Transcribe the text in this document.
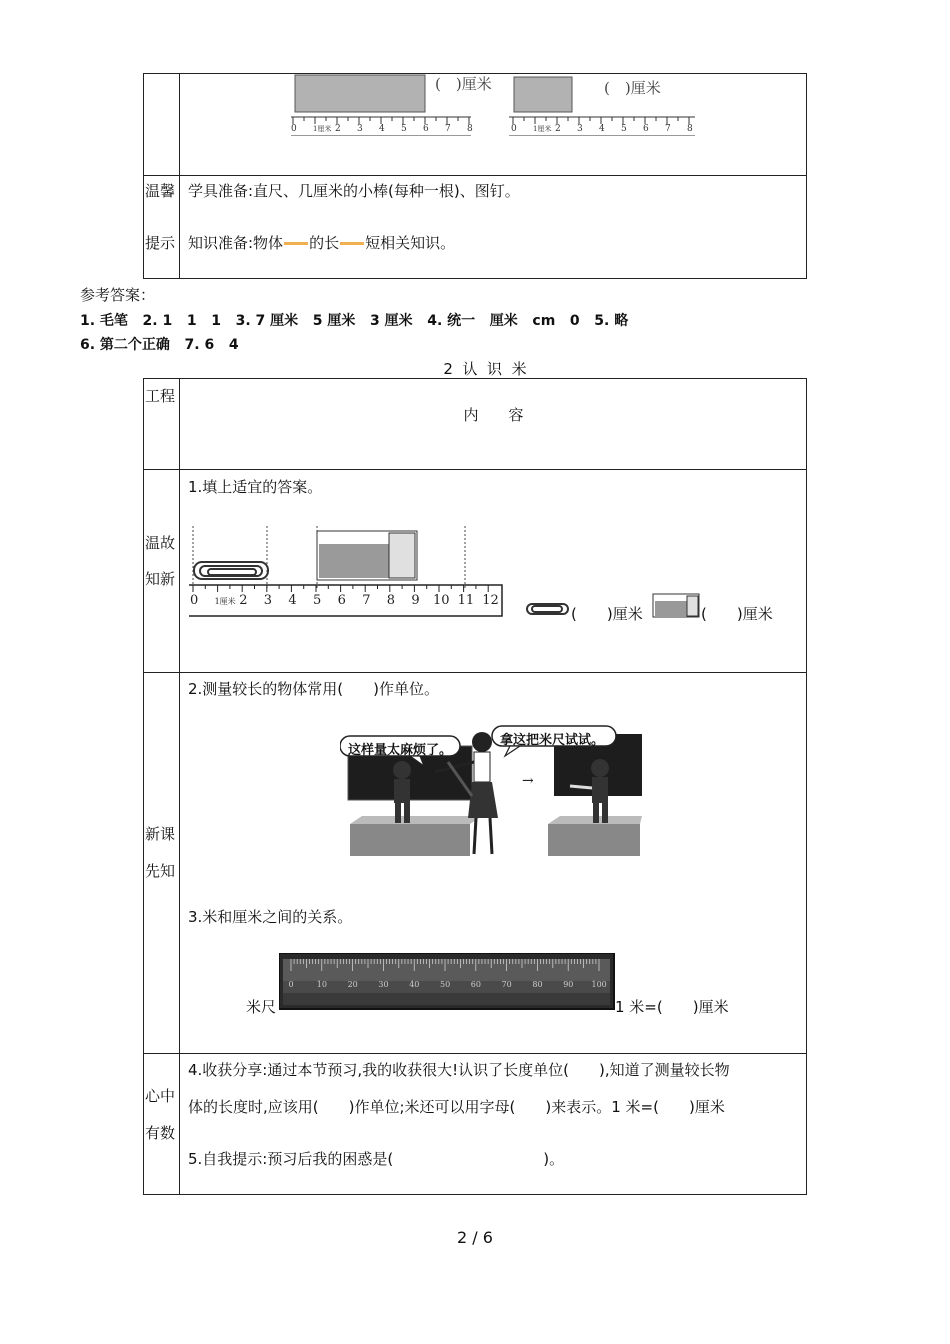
0 1厘米 2 3 4 5 6 7 8	0 1厘米 2 3 4 5 6 7 8
(　)厘米	(　)厘米
温馨
提示
学具准备:直尺、几厘米的小棒(每种一根)、图钉。
知识准备:物体 的长 短相关知识。
参考答案：
1. 毛笔   2. 1   1   1   3. 7 厘米   5 厘米   3 厘米   4. 统一   厘米   cm   0   5. 略
6. 第二个正确   7. 6   4
2  认  识  米
工程
内　　容
温故
知新
1.填上适宜的答案。
0 1厘米 2 3 4 5 6 7 8 9 10 11 12
(　　)厘米	(　　)厘米
新课
先知
2.测量较长的物体常用(　　)作单位。
→
这样量太麻烦了。
拿这把米尺试试。
3.米和厘米之间的关系。
米尺
0	10	20	30	40	50	60	70	80	90 100
1 米=(　　)厘米
心中
有数
4.收获分享:通过本节预习,我的收获很大!认识了长度单位(　　),知道了测量较长物
体的长度时,应该用(　　)作单位;米还可以用字母(　　)来表示。1 米=(　　)厘米
5.自我提示:预习后我的困惑是(　　　　　　　　　　)。
2 / 6
